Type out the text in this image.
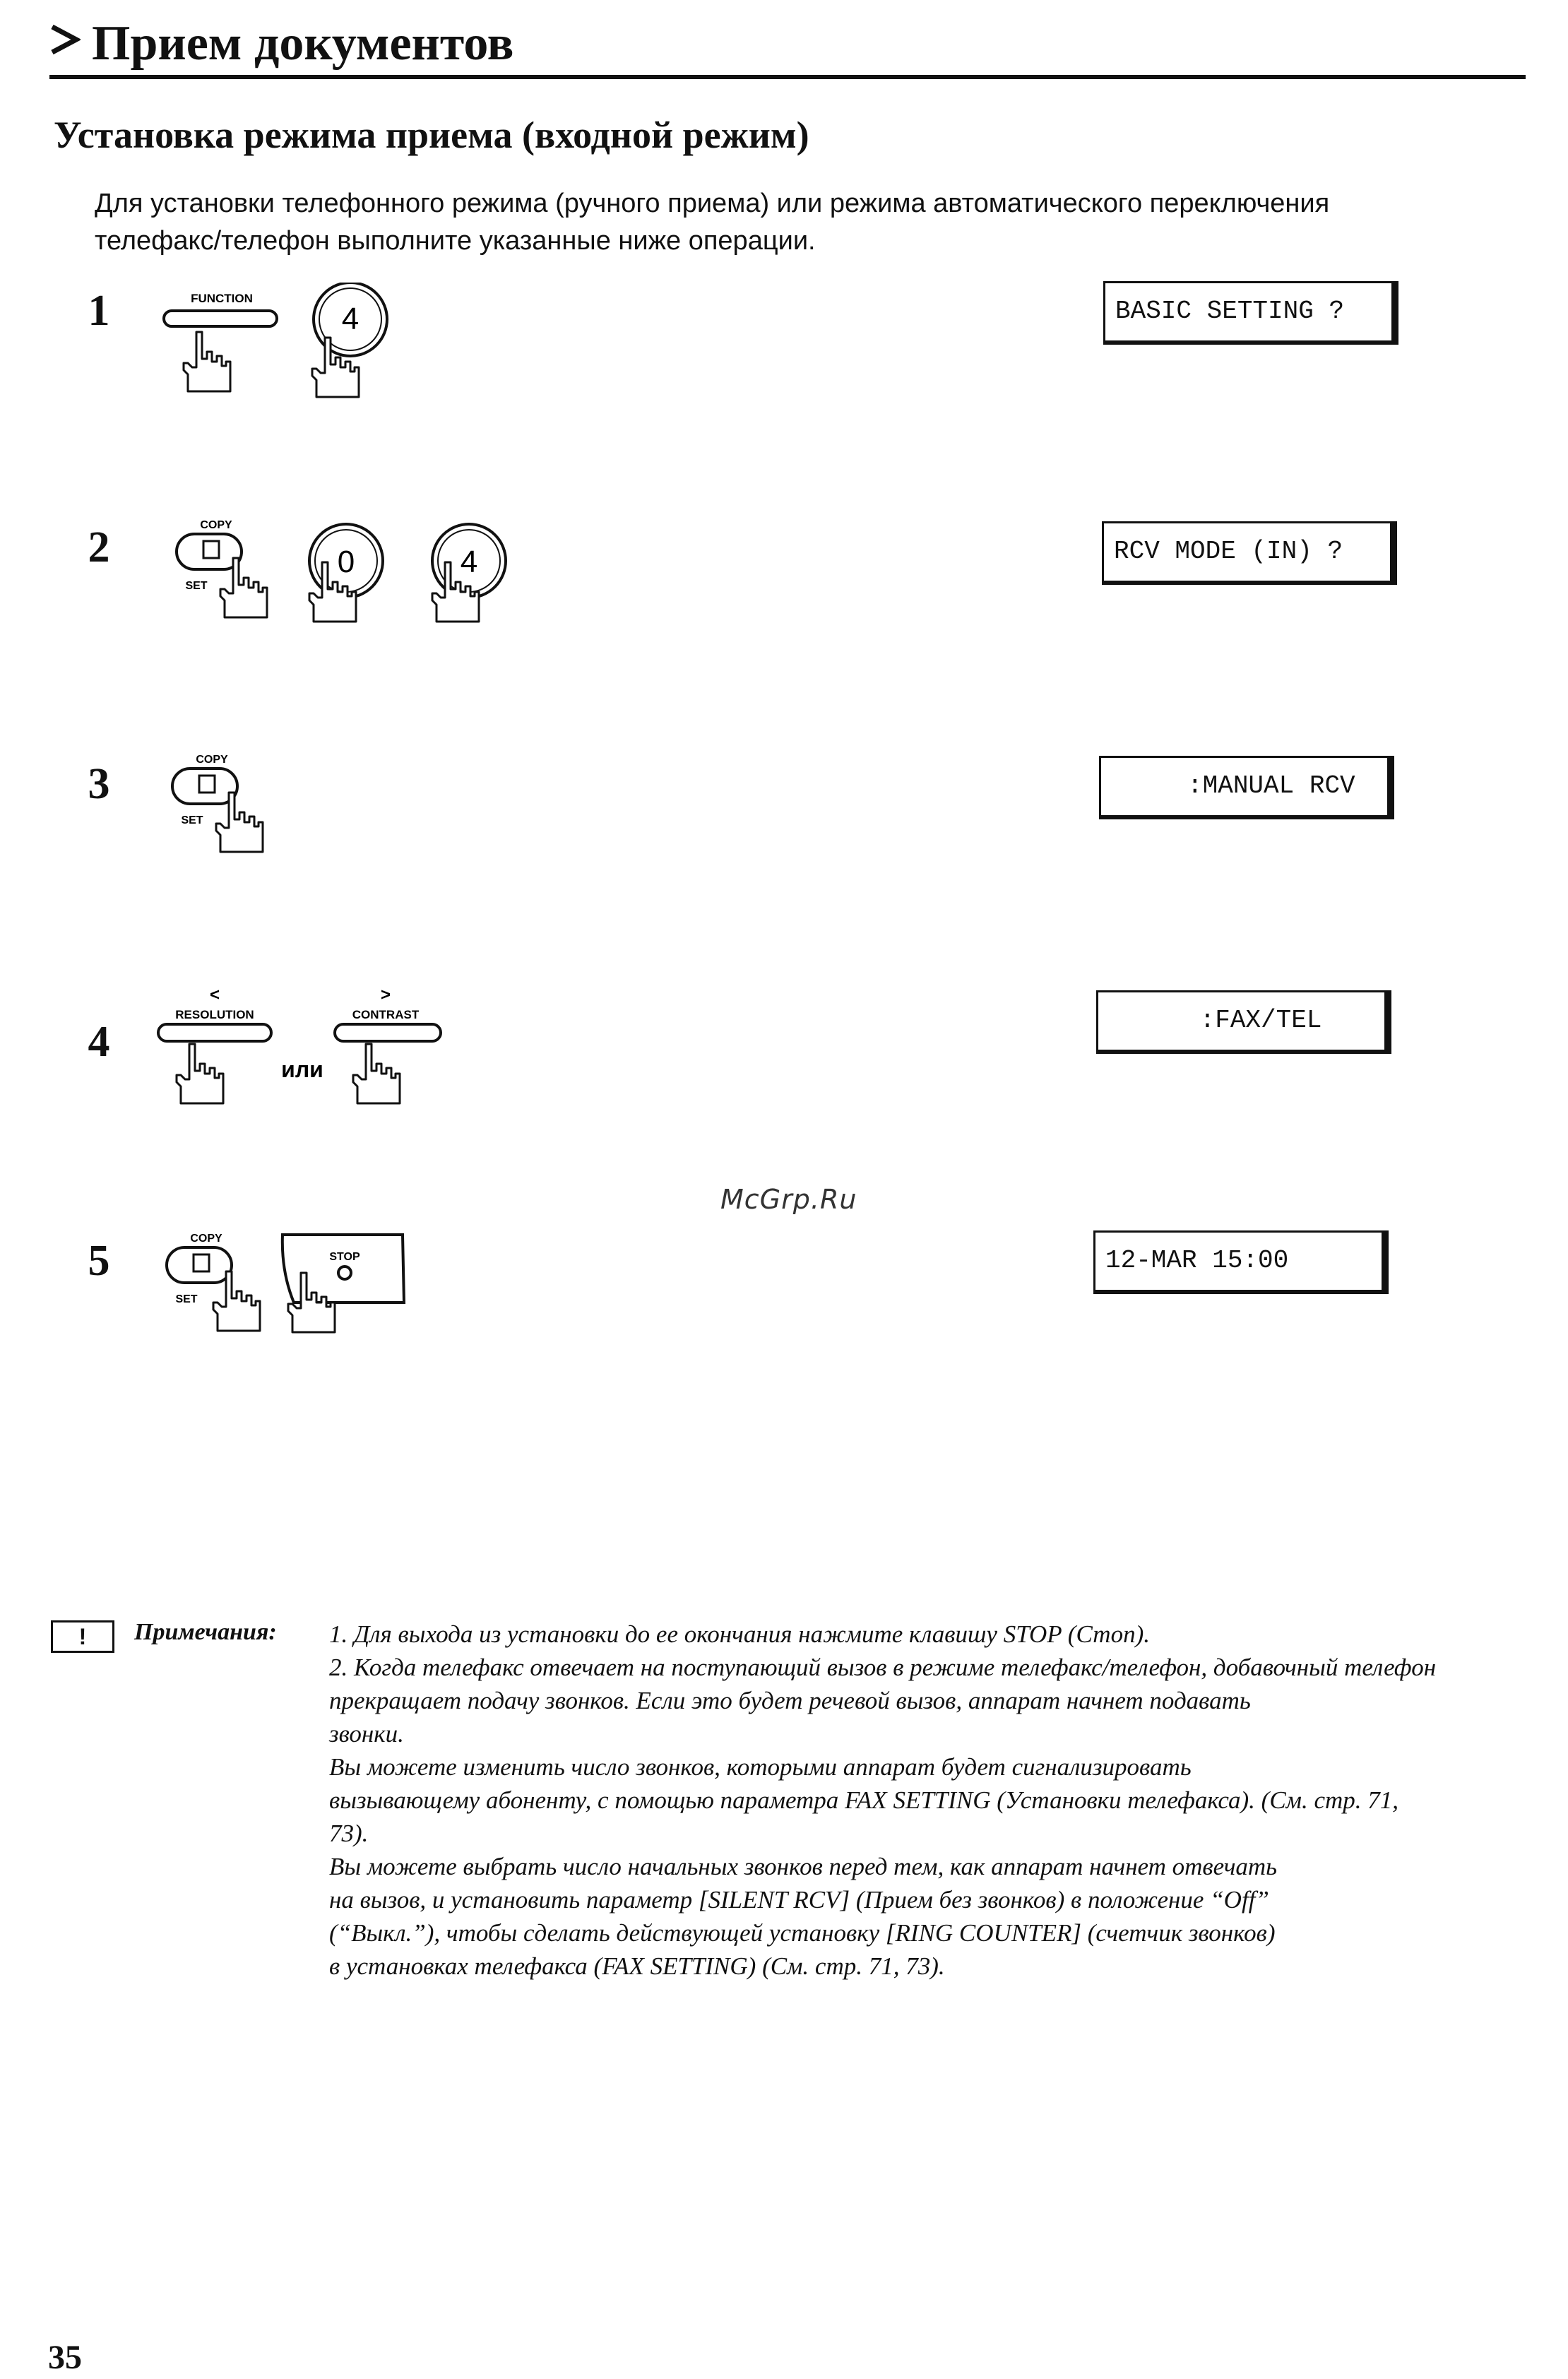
Прием документов
Установка режима приема (входной режим)
Для установки телефонного режима (ручного приема) или режима автоматического переключения
телефакс/телефон выполните указанные ниже операции.
1	FUNCTION
4	BASIC SETTING ?
2	COPY
SET
0	4	RCV MODE (IN) ?
3
COPY
SET
:MANUAL RCV
4
<
RESOLUTION
или
>
CONTRAST	:FAX/TEL
McGrp.Ru
5	COPY
SET
STOP	12-MAR 15:00
!	Примечания: 1. Для выхода из установки до ее окончания нажмите клавишу STOP (Стоп).

2. Когда телефакс отвечает на поступающий вызов в режиме телефакс/телефон, добавочный телефон

прекращает подачу звонков. Если это будет речевой вызов, аппарат начнет подавать

звонки.

Вы можете изменить число звонков, которыми аппарат будет сигнализировать

вызывающему абоненту, с помощью параметра FAX SETTING (Установки телефакса). (См. стр. 71,

73).

Вы можете выбрать число начальных звонков перед тем, как аппарат начнет отвечать

на вызов, и установить параметр [SILENT RCV] (Прием без звонков) в положение “Off”

(“Выкл.”), чтобы сделать действующей установку [RING COUNTER] (счетчик звонков)

в установках телефакса (FAX SETTING) (См. стр. 71, 73).

35
